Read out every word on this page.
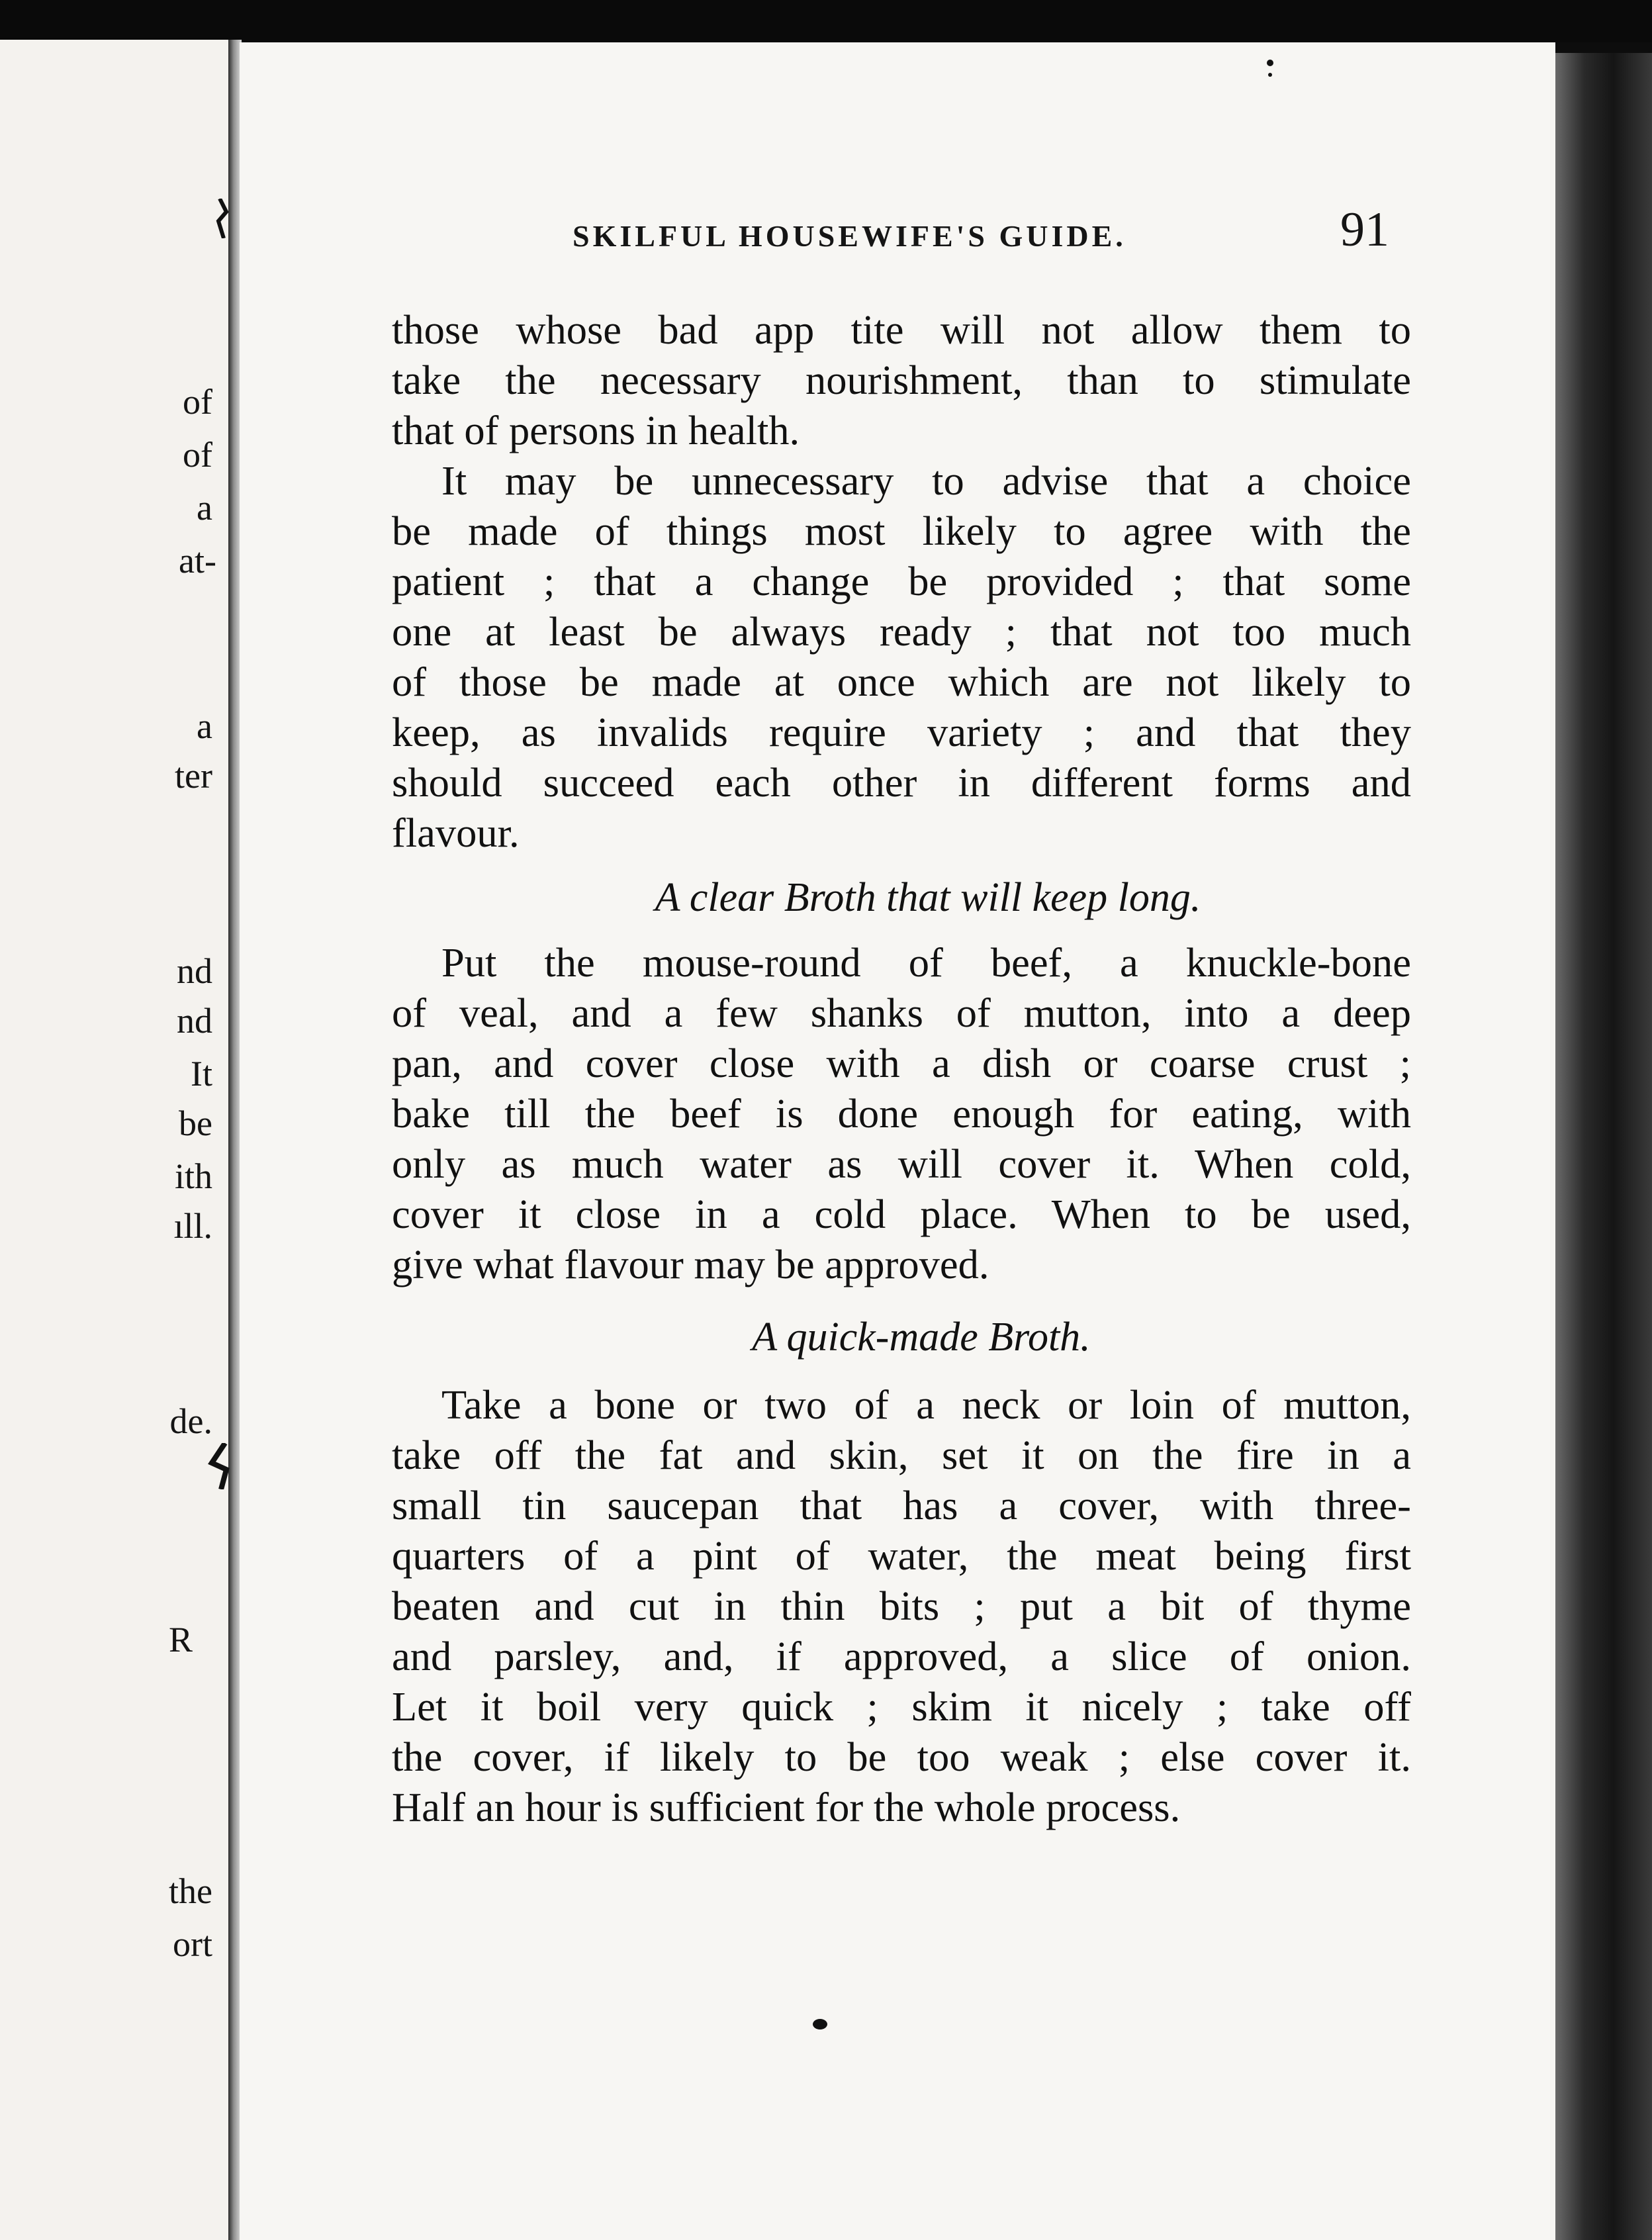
of
of
a
at-
a
ter
nd
nd
It
be
ith
ıll.
de.
R
the
ort
SKILFUL HOUSEWIFE'S GUIDE.	91
those whose bad app tite will not allow them to
take the necessary nourishment, than to stimulate
that of persons in health.
It may be unnecessary to advise that a choice
be made of things most likely to agree with the
patient ; that a change be provided ; that some
one at least be always ready ; that not too much
of those be made at once which are not likely to
keep, as invalids require variety ; and that they
should succeed each other in different forms and
flavour.

A clear Broth that will keep long.

Put the mouse-round of beef, a knuckle-bone
of veal, and a few shanks of mutton, into a deep
pan, and cover close with a dish or coarse crust ;
bake till the beef is done enough for eating, with
only as much water as will cover it. When cold,
cover it close in a cold place. When to be used,
give what flavour may be approved.

A quick-made Broth.

Take a bone or two of a neck or loin of mutton,
take off the fat and skin, set it on the fire in a
small tin saucepan that has a cover, with three-
quarters of a pint of water, the meat being first
beaten and cut in thin bits ; put a bit of thyme
and parsley, and, if approved, a slice of onion.
Let it boil very quick ; skim it nicely ; take off
the cover, if likely to be too weak ; else cover it.
Half an hour is sufficient for the whole process.
